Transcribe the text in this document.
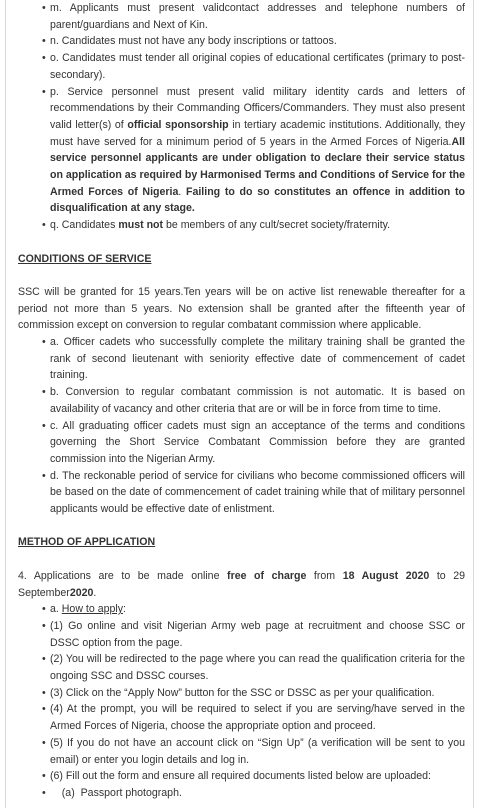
• m. Applicants must present validcontact addresses and telephone numbers of parent/guardians and Next of Kin.
• n. Candidates must not have any body inscriptions or tattoos.
• o. Candidates must tender all original copies of educational certificates (primary to post-secondary).
• p. Service personnel must present valid military identity cards and letters of recommendations by their Commanding Officers/Commanders. They must also present valid letter(s) of official sponsorship in tertiary academic institutions. Additionally, they must have served for a minimum period of 5 years in the Armed Forces of Nigeria.All service personnel applicants are under obligation to declare their service status on application as required by Harmonised Terms and Conditions of Service for the Armed Forces of Nigeria. Failing to do so constitutes an offence in addition to disqualification at any stage.
• q. Candidates must not be members of any cult/secret society/fraternity.

CONDITIONS OF SERVICE

SSC will be granted for 15 years.Ten years will be on active list renewable thereafter for a period not more than 5 years. No extension shall be granted after the fifteenth year of commission except on conversion to regular combatant commission where applicable.

• a. Officer cadets who successfully complete the military training shall be granted the rank of second lieutenant with seniority effective date of commencement of cadet training.
• b. Conversion to regular combatant commission is not automatic. It is based on availability of vacancy and other criteria that are or will be in force from time to time.
• c. All graduating officer cadets must sign an acceptance of the terms and conditions governing the Short Service Combatant Commission before they are granted commission into the Nigerian Army.
• d. The reckonable period of service for civilians who become commissioned officers will be based on the date of commencement of cadet training while that of military personnel applicants would be effective date of enlistment.

METHOD OF APPLICATION

4. Applications are to be made online free of charge from 18 August 2020 to 29 September2020.

• a. How to apply:
• (1) Go online and visit Nigerian Army web page at recruitment and choose SSC or DSSC option from the page.
• (2) You will be redirected to the page where you can read the qualification criteria for the ongoing SSC and DSSC courses.
• (3) Click on the “Apply Now” button for the SSC or DSSC as per your qualification.
• (4) At the prompt, you will be required to select if you are serving/have served in the Armed Forces of Nigeria, choose the appropriate option and proceed.
• (5) If you do not have an account click on “Sign Up” (a verification will be sent to you email) or enter you login details and log in.
• (6) Fill out the form and ensure all required documents listed below are uploaded:
•     (a)  Passport photograph.
